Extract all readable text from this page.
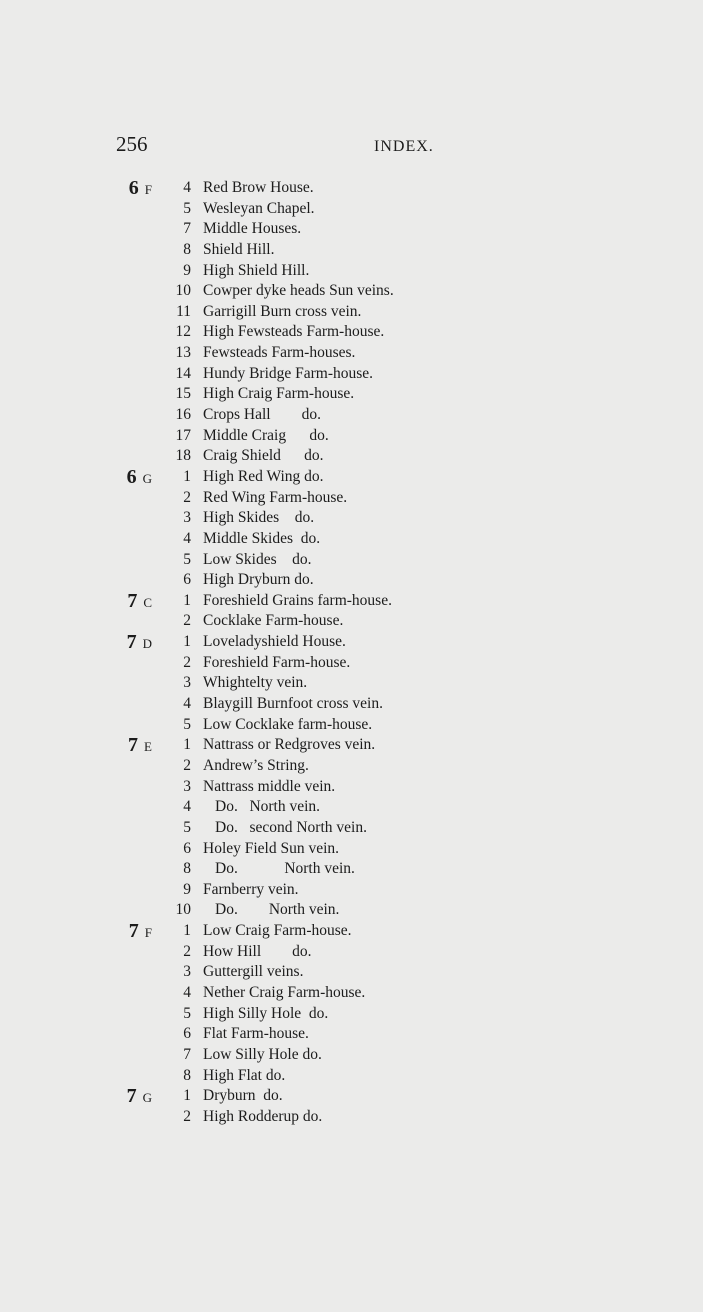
256	INDEX.
6 F	4 Red Brow House.
5 Wesleyan Chapel.
7 Middle Houses.
8 Shield Hill.
9 High Shield Hill.
10 Cowper dyke heads Sun veins.
11 Garrigill Burn cross vein.
12 High Fewsteads Farm-house.
13 Fewsteads Farm-houses.
14 Hundy Bridge Farm-house.
15 High Craig Farm-house.
16 Crops Hall  do.
17 Middle Craig  do.
18 Craig Shield  do.
6 G	1 High Red Wing do.
2 Red Wing Farm-house.
3 High Skides do.
4 Middle Skides do.
5 Low Skides do.
6 High Dryburn do.
7 C	1 Foreshield Grains farm-house.
2 Cocklake Farm-house.
7 D	1 Loveladyshield House.
2 Foreshield Farm-house.
3 Whightelty vein.
4 Blaygill Burnfoot cross vein.
5 Low Cocklake farm-house.
7 E	1 Nattrass or Redgroves vein.
2 Andrew’s String.
3 Nattrass middle vein.
4 Do.  North vein.
5 Do.  second North vein.
6 Holey Field Sun vein.
8 Do.   North vein.
9 Farnberry vein.
10 Do.  North vein.
7 F	1 Low Craig Farm-house.
2 How Hill  do.
3 Guttergill veins.
4 Nether Craig Farm-house.
5 High Silly Hole do.
6 Flat Farm-house.
7 Low Silly Hole do.
8 High Flat do.
7 G	1 Dryburn do.
2 High Rodderup do.
